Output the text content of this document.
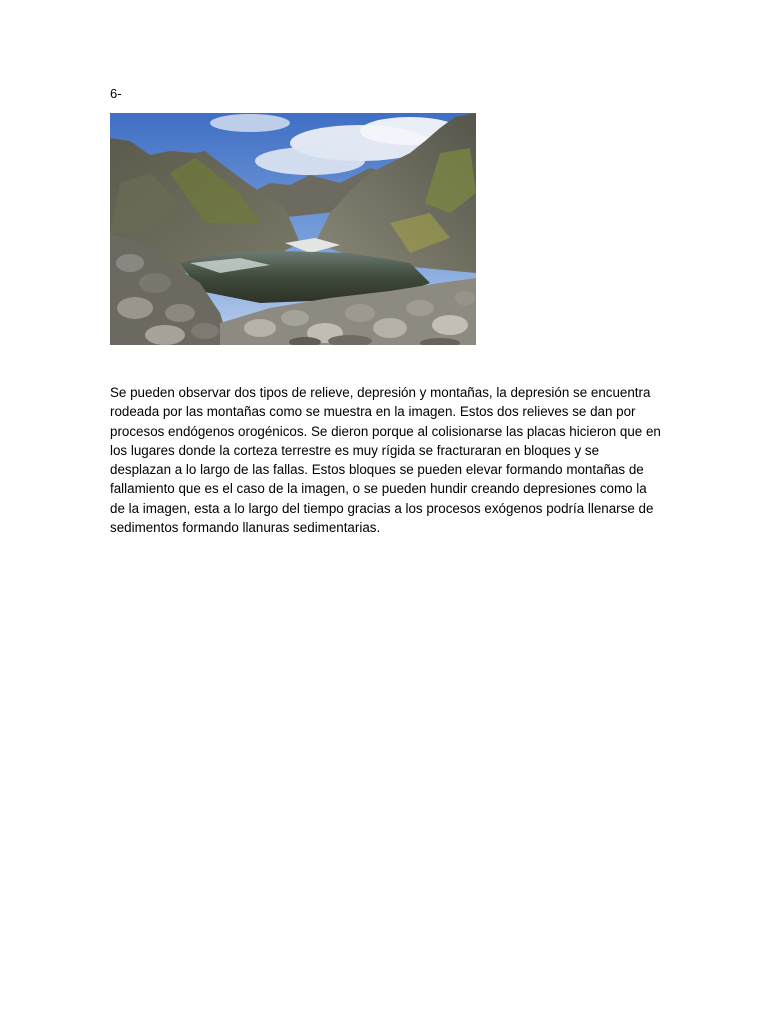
6-

Se pueden observar dos tipos de relieve, depresión y montañas, la depresión se encuentra rodeada por las montañas como se muestra en la imagen. Estos dos relieves se dan por procesos endógenos orogénicos. Se dieron porque al colisionarse las placas hicieron que en los lugares donde la corteza terrestre es muy rígida se fracturaran en bloques y se desplazan a lo largo de las fallas. Estos bloques se pueden elevar formando montañas de fallamiento que es el caso de la imagen, o se pueden hundir creando depresiones como la de la imagen, esta a lo largo del tiempo gracias a los procesos exógenos podría llenarse de sedimentos formando llanuras sedimentarias.
